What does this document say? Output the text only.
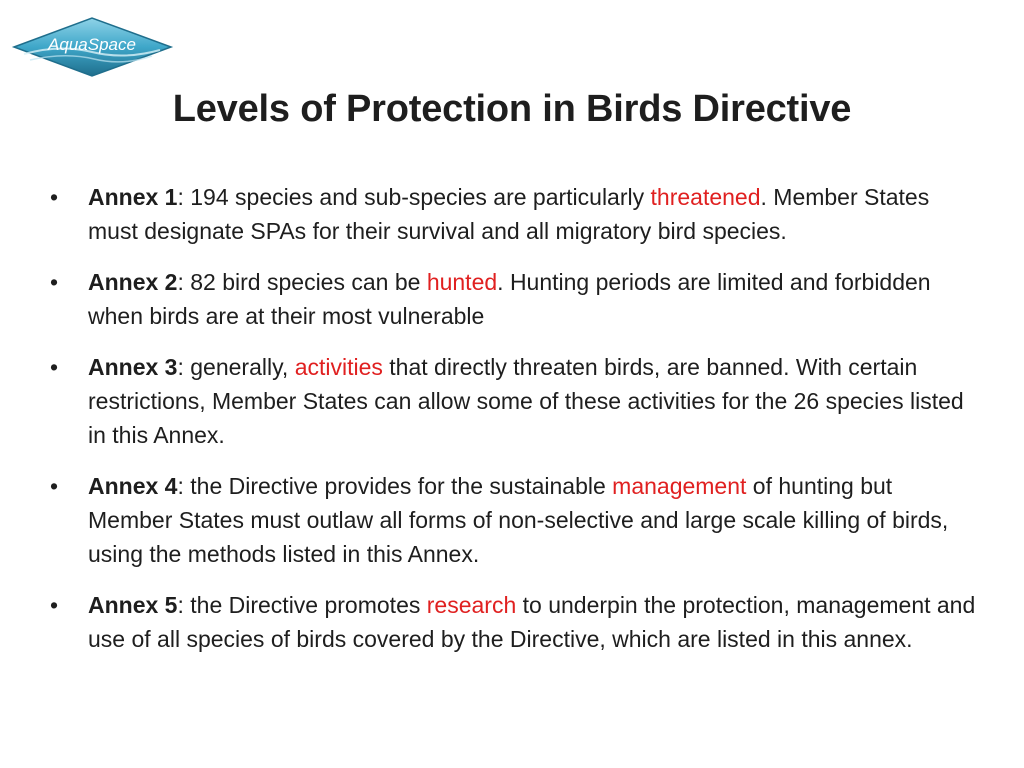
AquaSpace
Levels of Protection in Birds Directive
•	Annex 1: 194 species and sub-species are particularly threatened. Member States must designate SPAs for their survival and all migratory bird species.
•	Annex 2: 82 bird species can be hunted. Hunting periods are limited and forbidden when birds are at their most vulnerable
•	Annex 3: generally, activities that directly threaten birds, are banned. With certain restrictions, Member States can allow some of these activities for the 26 species listed in this Annex.
•	Annex 4: the Directive provides for the sustainable management of hunting but Member States must outlaw all forms of non-selective and large scale killing of birds, using the methods listed in this Annex.
•	Annex 5: the Directive promotes research to underpin the protection, management and use of all species of birds covered by the Directive, which are listed in this annex.
